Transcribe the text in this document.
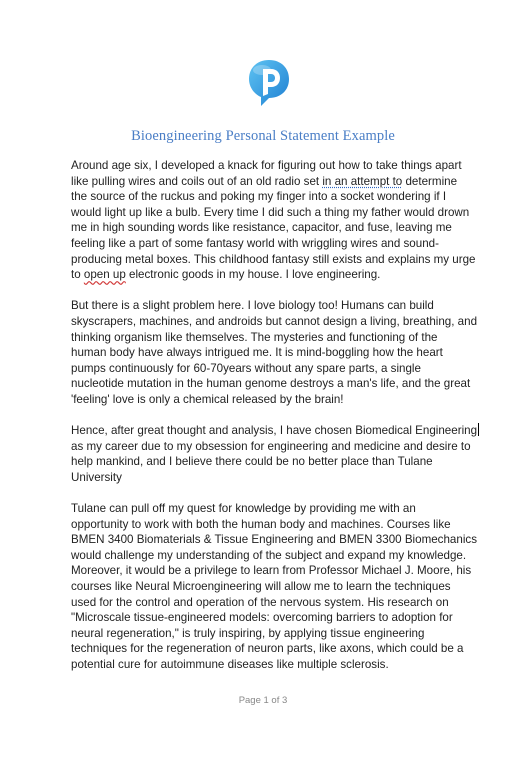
Bioengineering Personal Statement Example

Around age six, I developed a knack for figuring out how to take things apart
like pulling wires and coils out of an old radio set in an attempt to determine
the source of the ruckus and poking my finger into a socket wondering if I
would light up like a bulb. Every time I did such a thing my father would drown
me in high sounding words like resistance, capacitor, and fuse, leaving me
feeling like a part of some fantasy world with wriggling wires and sound-
producing metal boxes. This childhood fantasy still exists and explains my urge
to open up electronic goods in my house. I love engineering.

But there is a slight problem here. I love biology too! Humans can build
skyscrapers, machines, and androids but cannot design a living, breathing, and
thinking organism like themselves. The mysteries and functioning of the
human body have always intrigued me. It is mind-boggling how the heart
pumps continuously for 60-70years without any spare parts, a single
nucleotide mutation in the human genome destroys a man's life, and the great
'feeling' love is only a chemical released by the brain!

Hence, after great thought and analysis, I have chosen Biomedical Engineering
as my career due to my obsession for engineering and medicine and desire to
help mankind, and I believe there could be no better place than Tulane
University

Tulane can pull off my quest for knowledge by providing me with an
opportunity to work with both the human body and machines. Courses like
BMEN 3400 Biomaterials & Tissue Engineering and BMEN 3300 Biomechanics
would challenge my understanding of the subject and expand my knowledge.
Moreover, it would be a privilege to learn from Professor Michael J. Moore, his
courses like Neural Microengineering will allow me to learn the techniques
used for the control and operation of the nervous system. His research on
"Microscale tissue-engineered models: overcoming barriers to adoption for
neural regeneration," is truly inspiring, by applying tissue engineering
techniques for the regeneration of neuron parts, like axons, which could be a
potential cure for autoimmune diseases like multiple sclerosis.

Page 1 of 3
